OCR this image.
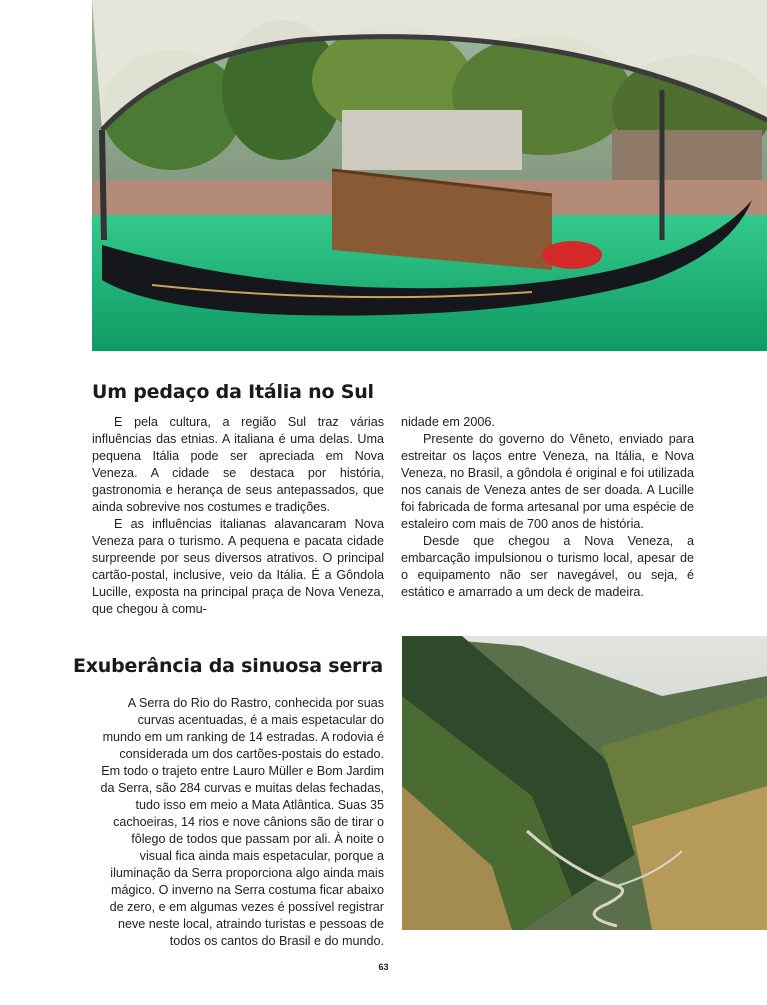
Um pedaço da Itália no Sul

E pela cultura, a região Sul traz várias influências das etnias. A italiana é uma delas. Uma pequena Itália pode ser apreciada em Nova Veneza. A cidade se destaca por história, gastronomia e herança de seus antepassados, que ainda sobrevive nos costumes e tradições.

E as influências italianas alavancaram Nova Veneza para o turismo. A pequena e pacata cidade surpreende por seus diversos atrativos. O principal cartão-postal, inclusive, veio da Itália. É a Gôndola Lucille, exposta na principal praça de Nova Veneza, que chegou à comu-

nidade em 2006.

Presente do governo do Vêneto, enviado para estreitar os laços entre Veneza, na Itália, e Nova Veneza, no Brasil, a gôndola é original e foi utilizada nos canais de Veneza antes de ser doada. A Lucille foi fabricada de forma artesanal por uma espécie de estaleiro com mais de 700 anos de história.

Desde que chegou a Nova Veneza, a embarcação impulsionou o turismo local, apesar de o equipamento não ser navegável, ou seja, é estático e amarrado a um deck de madeira.

Exuberância da sinuosa serra

A Serra do Rio do Rastro, conhecida por suas curvas acentuadas, é a mais espetacular do mundo em um ranking de 14 estradas. A rodovia é considerada um dos cartões-postais do estado. Em todo o trajeto entre Lauro Müller e Bom Jardim da Serra, são 284 curvas e muitas delas fechadas, tudo isso em meio a Mata Atlântica. Suas 35 cachoeiras, 14 rios e nove cânions são de tirar o fôlego de todos que passam por ali. À noite o visual fica ainda mais espetacular, porque a iluminação da Serra proporciona algo ainda mais mágico. O inverno na Serra costuma ficar abaixo de zero, e em algumas vezes é possível registrar neve neste local, atraindo turistas e pessoas de todos os cantos do Brasil e do mundo.

63
